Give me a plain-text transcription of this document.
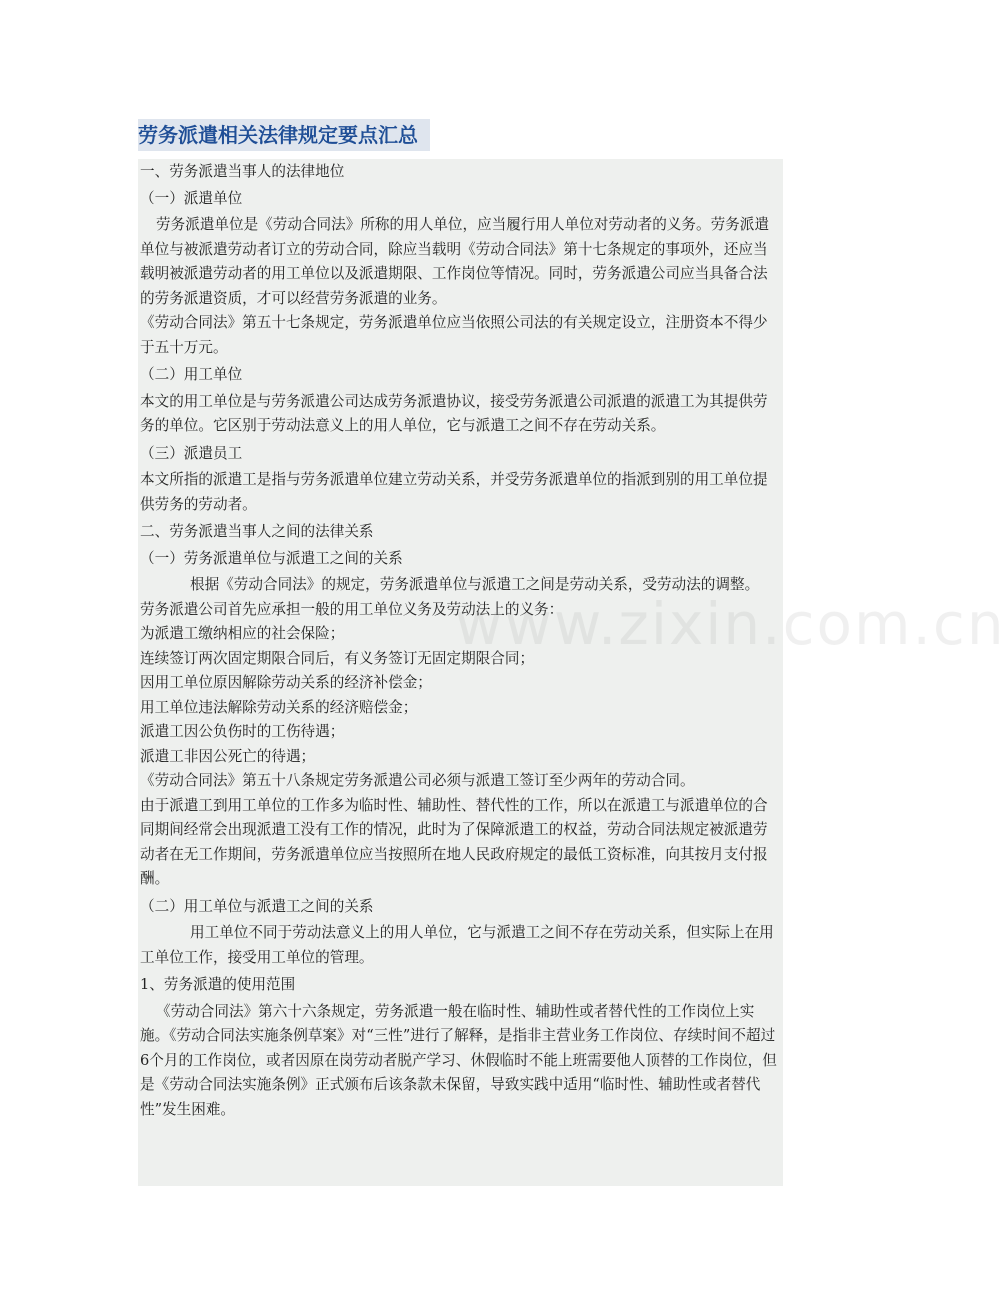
劳务派遣相关法律规定要点汇总

一、劳务派遣当事人的法律地位

（一）派遣单位

劳务派遣单位是《劳动合同法》所称的用人单位，应当履行用人单位对劳动者的义务。劳务派遣单位与被派遣劳动者订立的劳动合同，除应当载明《劳动合同法》第十七条规定的事项外，还应当载明被派遣劳动者的用工单位以及派遣期限、工作岗位等情况。同时，劳务派遣公司应当具备合法的劳务派遣资质，才可以经营劳务派遣的业务。

《劳动合同法》第五十七条规定，劳务派遣单位应当依照公司法的有关规定设立，注册资本不得少于五十万元。

（二）用工单位

本文的用工单位是与劳务派遣公司达成劳务派遣协议，接受劳务派遣公司派遣的派遣工为其提供劳务的单位。它区别于劳动法意义上的用人单位，它与派遣工之间不存在劳动关系。

（三）派遣员工

本文所指的派遣工是指与劳务派遣单位建立劳动关系，并受劳务派遣单位的指派到别的用工单位提供劳务的劳动者。

二、劳务派遣当事人之间的法律关系

（一）劳务派遣单位与派遣工之间的关系

根据《劳动合同法》的规定，劳务派遣单位与派遣工之间是劳动关系，受劳动法的调整。

劳务派遣公司首先应承担一般的用工单位义务及劳动法上的义务：

为派遣工缴纳相应的社会保险；

连续签订两次固定期限合同后，有义务签订无固定期限合同；

因用工单位原因解除劳动关系的经济补偿金；

用工单位违法解除劳动关系的经济赔偿金；

派遣工因公负伤时的工伤待遇；

派遣工非因公死亡的待遇；

《劳动合同法》第五十八条规定劳务派遣公司必须与派遣工签订至少两年的劳动合同。

由于派遣工到用工单位的工作多为临时性、辅助性、替代性的工作，所以在派遣工与派遣单位的合同期间经常会出现派遣工没有工作的情况，此时为了保障派遣工的权益，劳动合同法规定被派遣劳动者在无工作期间，劳务派遣单位应当按照所在地人民政府规定的最低工资标准，向其按月支付报酬。

（二）用工单位与派遣工之间的关系

用工单位不同于劳动法意义上的用人单位，它与派遣工之间不存在劳动关系，但实际上在用工单位工作，接受用工单位的管理。

1、劳务派遣的使用范围

《劳动合同法》第六十六条规定，劳务派遣一般在临时性、辅助性或者替代性的工作岗位上实施。《劳动合同法实施条例草案》对“三性”进行了解释，是指非主营业务工作岗位、存续时间不超过6个月的工作岗位，或者因原在岗劳动者脱产学习、休假临时不能上班需要他人顶替的工作岗位，但是《劳动合同法实施条例》正式颁布后该条款未保留，导致实践中适用“临时性、辅助性或者替代性”发生困难。
